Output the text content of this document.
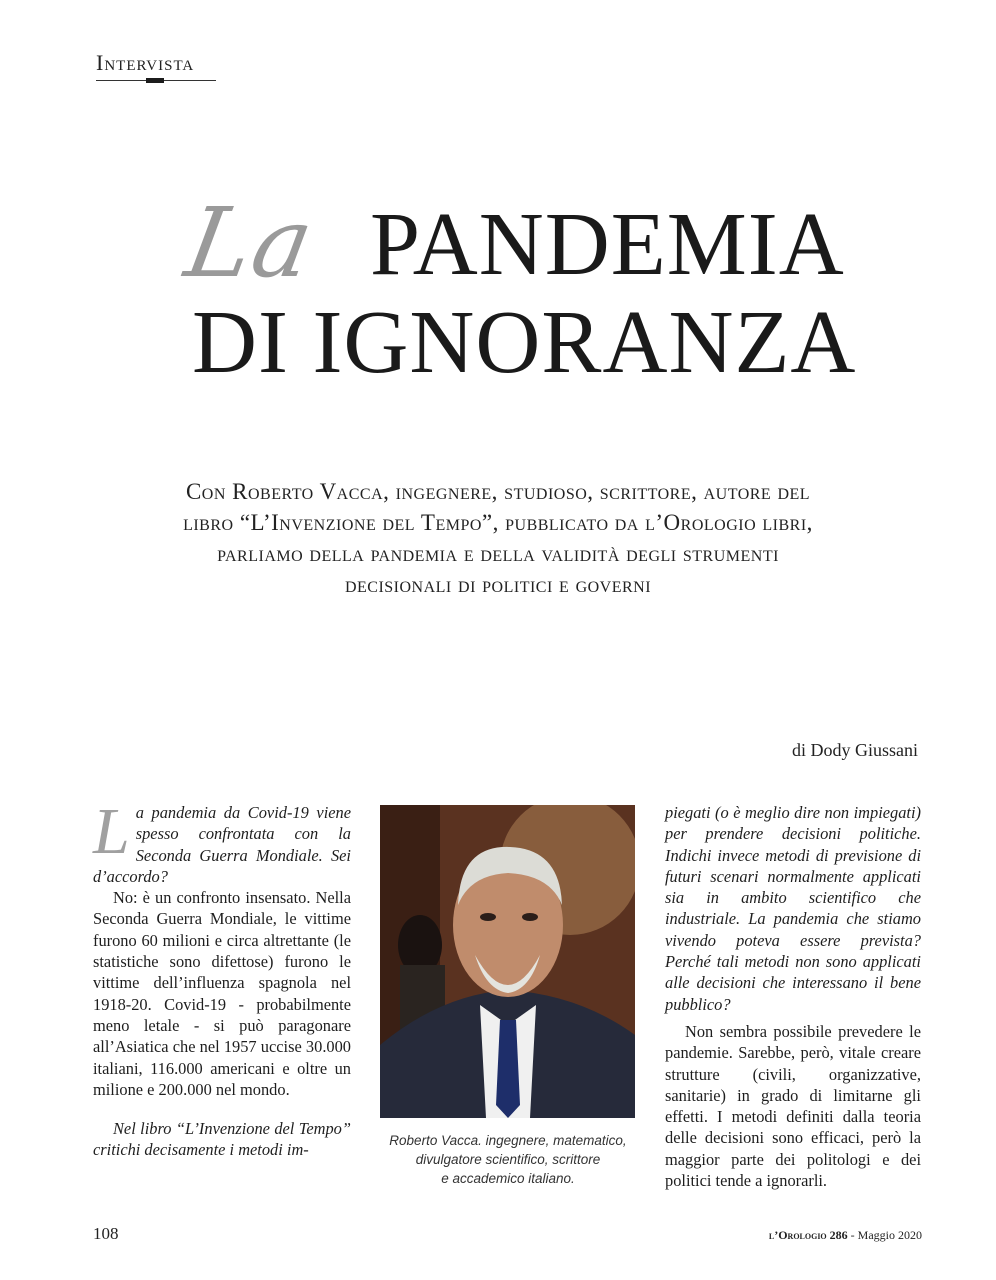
Intervista
La PANDEMIA
DI IGNORANZA
Con Roberto Vacca, ingegnere, studioso, scrittore, autore del
libro “L’Invenzione del Tempo”, pubblicato da l’Orologio libri,
parliamo della pandemia e della validità degli strumenti
decisionali di politici e governi
di Dody Giussani

La pandemia da Covid-19 viene spesso confrontata con la Seconda Guerra Mondiale. Sei d’accordo?

No: è un confronto insensato. Nella Seconda Guerra Mondiale, le vittime furono 60 milioni e circa altrettante (le statistiche sono difettose) furono le vittime dell’influenza spagnola nel 1918-20. Covid-19 - probabilmente meno letale - si può paragonare all’Asiatica che nel 1957 uccise 30.000 italiani, 116.000 americani e oltre un milione e 200.000 nel mondo.

Nel libro “L’Invenzione del Tempo” critichi decisamente i metodi im-	Roberto Vacca. ingegnere, matematico,
divulgatore scientifico, scrittore
e accademico italiano.

piegati (o è meglio dire non impiegati) per prendere decisioni politiche. Indichi invece metodi di previsione di futuri scenari normalmente applicati sia in ambito scientifico che industriale. La pandemia che stiamo vivendo poteva essere prevista? Perché tali metodi non sono applicati alle decisioni che interessano il bene pubblico?

Non sembra possibile prevedere le pandemie. Sarebbe, però, vitale creare strutture (civili, organizzative, sanitarie) in grado di limitarne gli effetti. I metodi definiti dalla teoria delle decisioni sono efficaci, però la maggior parte dei politologi e dei politici tende a ignorarli.

108	l’Orologio 286 - Maggio 2020
